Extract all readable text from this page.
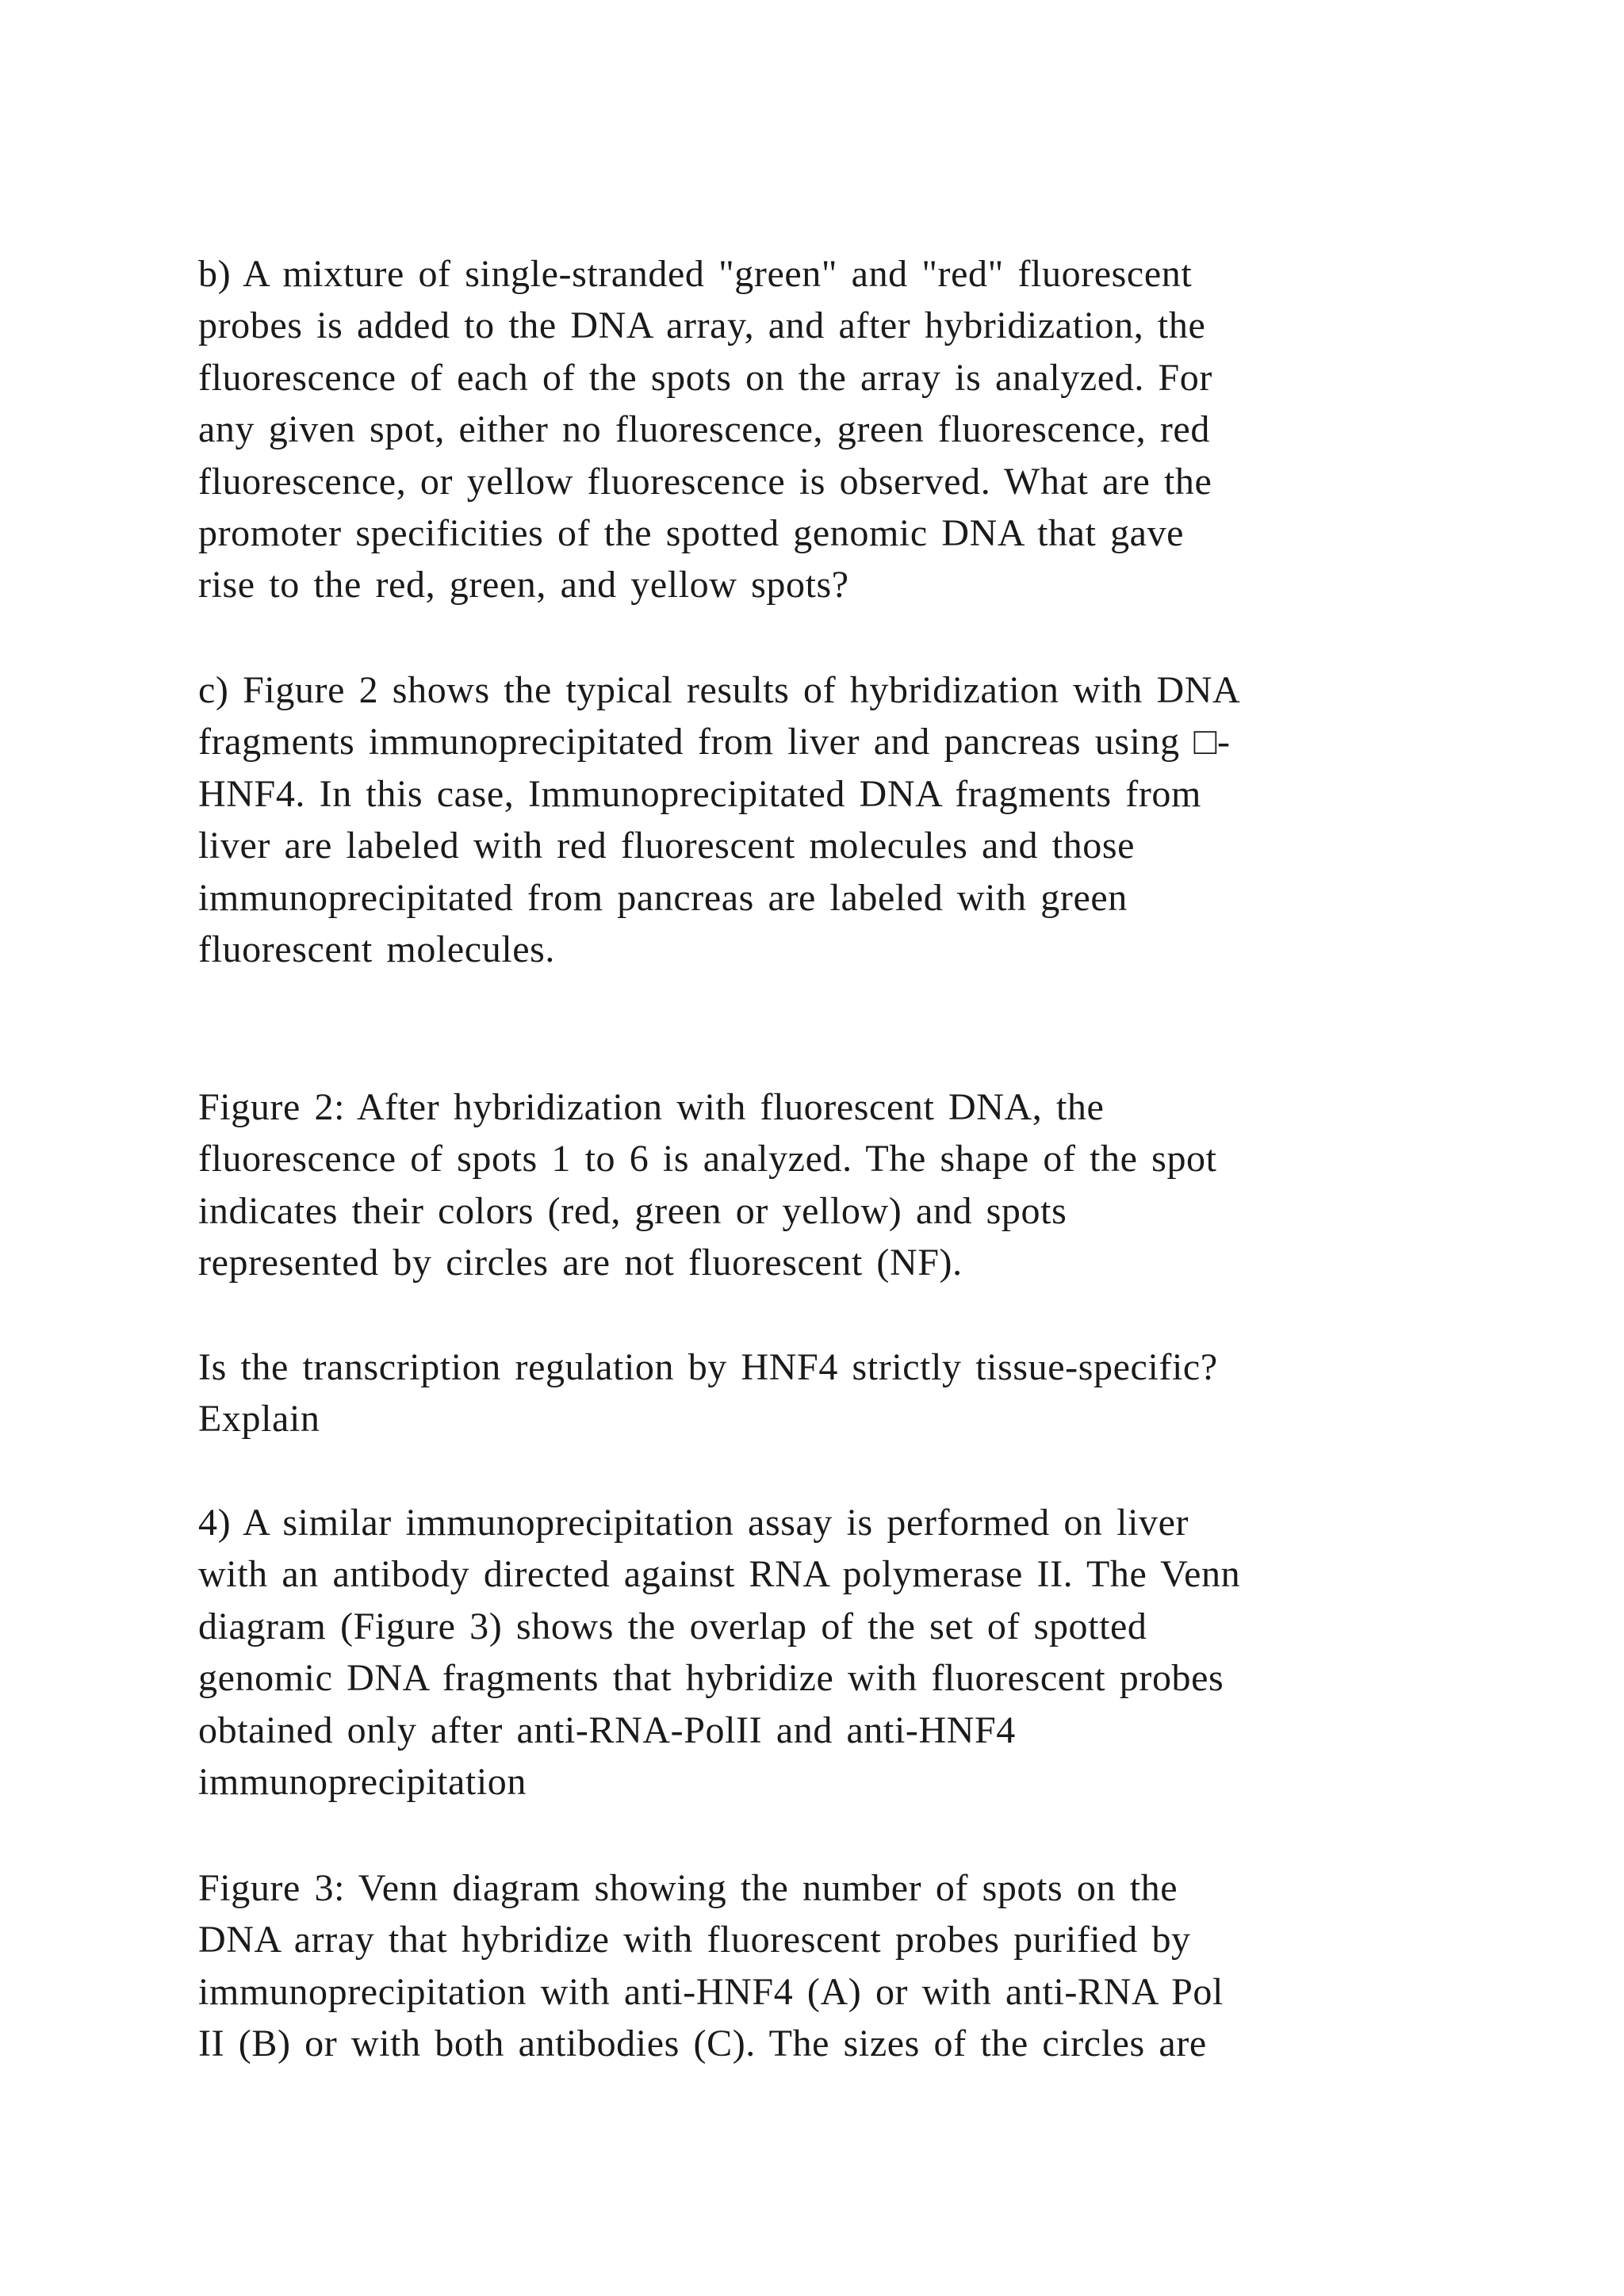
b) A mixture of single-stranded "green" and "red" fluorescent
probes is added to the DNA array, and after hybridization, the
fluorescence of each of the spots on the array is analyzed. For
any given spot, either no fluorescence, green fluorescence, red
fluorescence, or yellow fluorescence is observed. What are the
promoter specificities of the spotted genomic DNA that gave
rise to the red, green, and yellow spots?
c) Figure 2 shows the typical results of hybridization with DNA
fragments immunoprecipitated from liver and pancreas using □-
HNF4. In this case, Immunoprecipitated DNA fragments from
liver are labeled with red fluorescent molecules and those
immunoprecipitated from pancreas are labeled with green
fluorescent molecules.
Figure 2: After hybridization with fluorescent DNA, the
fluorescence of spots 1 to 6 is analyzed. The shape of the spot
indicates their colors (red, green or yellow) and spots
represented by circles are not fluorescent (NF).
Is the transcription regulation by HNF4 strictly tissue-specific?
Explain
4) A similar immunoprecipitation assay is performed on liver
with an antibody directed against RNA polymerase II. The Venn
diagram (Figure 3) shows the overlap of the set of spotted
genomic DNA fragments that hybridize with fluorescent probes
obtained only after anti-RNA-PolII and anti-HNF4
immunoprecipitation
Figure 3: Venn diagram showing the number of spots on the
DNA array that hybridize with fluorescent probes purified by
immunoprecipitation with anti-HNF4 (A) or with anti-RNA Pol
II (B) or with both antibodies (C). The sizes of the circles are
